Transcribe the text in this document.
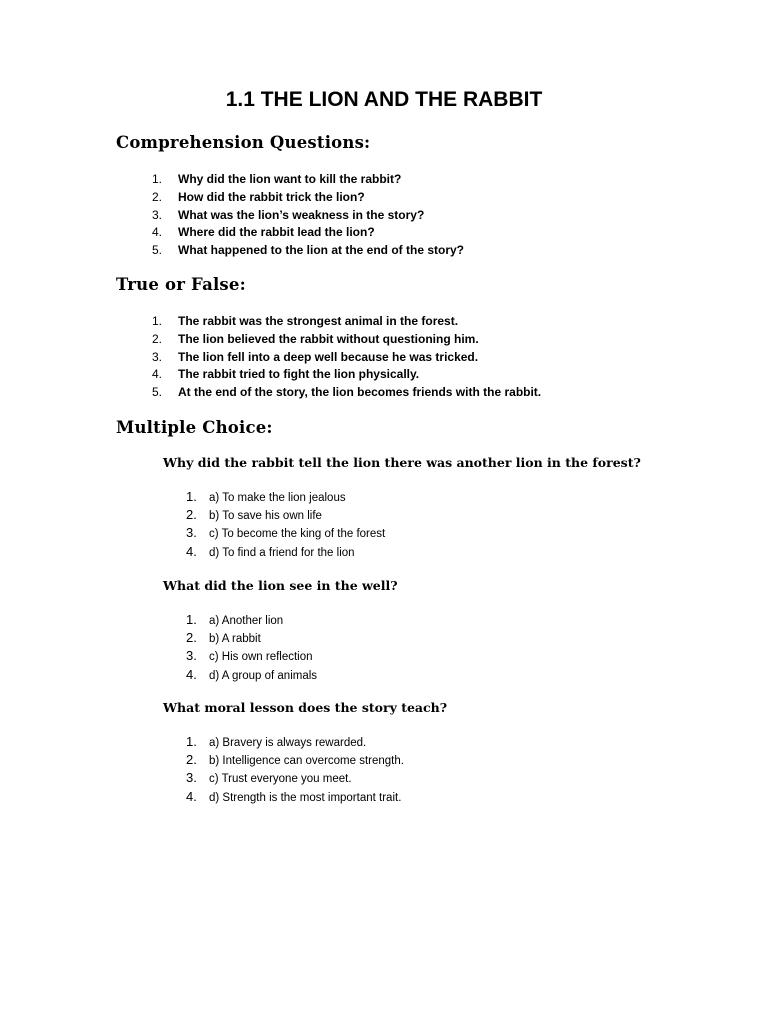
1.1 THE LION AND THE RABBIT
Comprehension Questions:
1. Why did the lion want to kill the rabbit?
2. How did the rabbit trick the lion?
3. What was the lion’s weakness in the story?
4. Where did the rabbit lead the lion?
5. What happened to the lion at the end of the story?
True or False:
1. The rabbit was the strongest animal in the forest.
2. The lion believed the rabbit without questioning him.
3. The lion fell into a deep well because he was tricked.
4. The rabbit tried to fight the lion physically.
5. At the end of the story, the lion becomes friends with the rabbit.
Multiple Choice:

Why did the rabbit tell the lion there was another lion in the forest?

1. a) To make the lion jealous
2. b) To save his own life
3. c) To become the king of the forest
4. d) To find a friend for the lion

What did the lion see in the well?

1. a) Another lion
2. b) A rabbit
3. c) His own reflection
4. d) A group of animals

What moral lesson does the story teach?

1. a) Bravery is always rewarded.
2. b) Intelligence can overcome strength.
3. c) Trust everyone you meet.
4. d) Strength is the most important trait.
